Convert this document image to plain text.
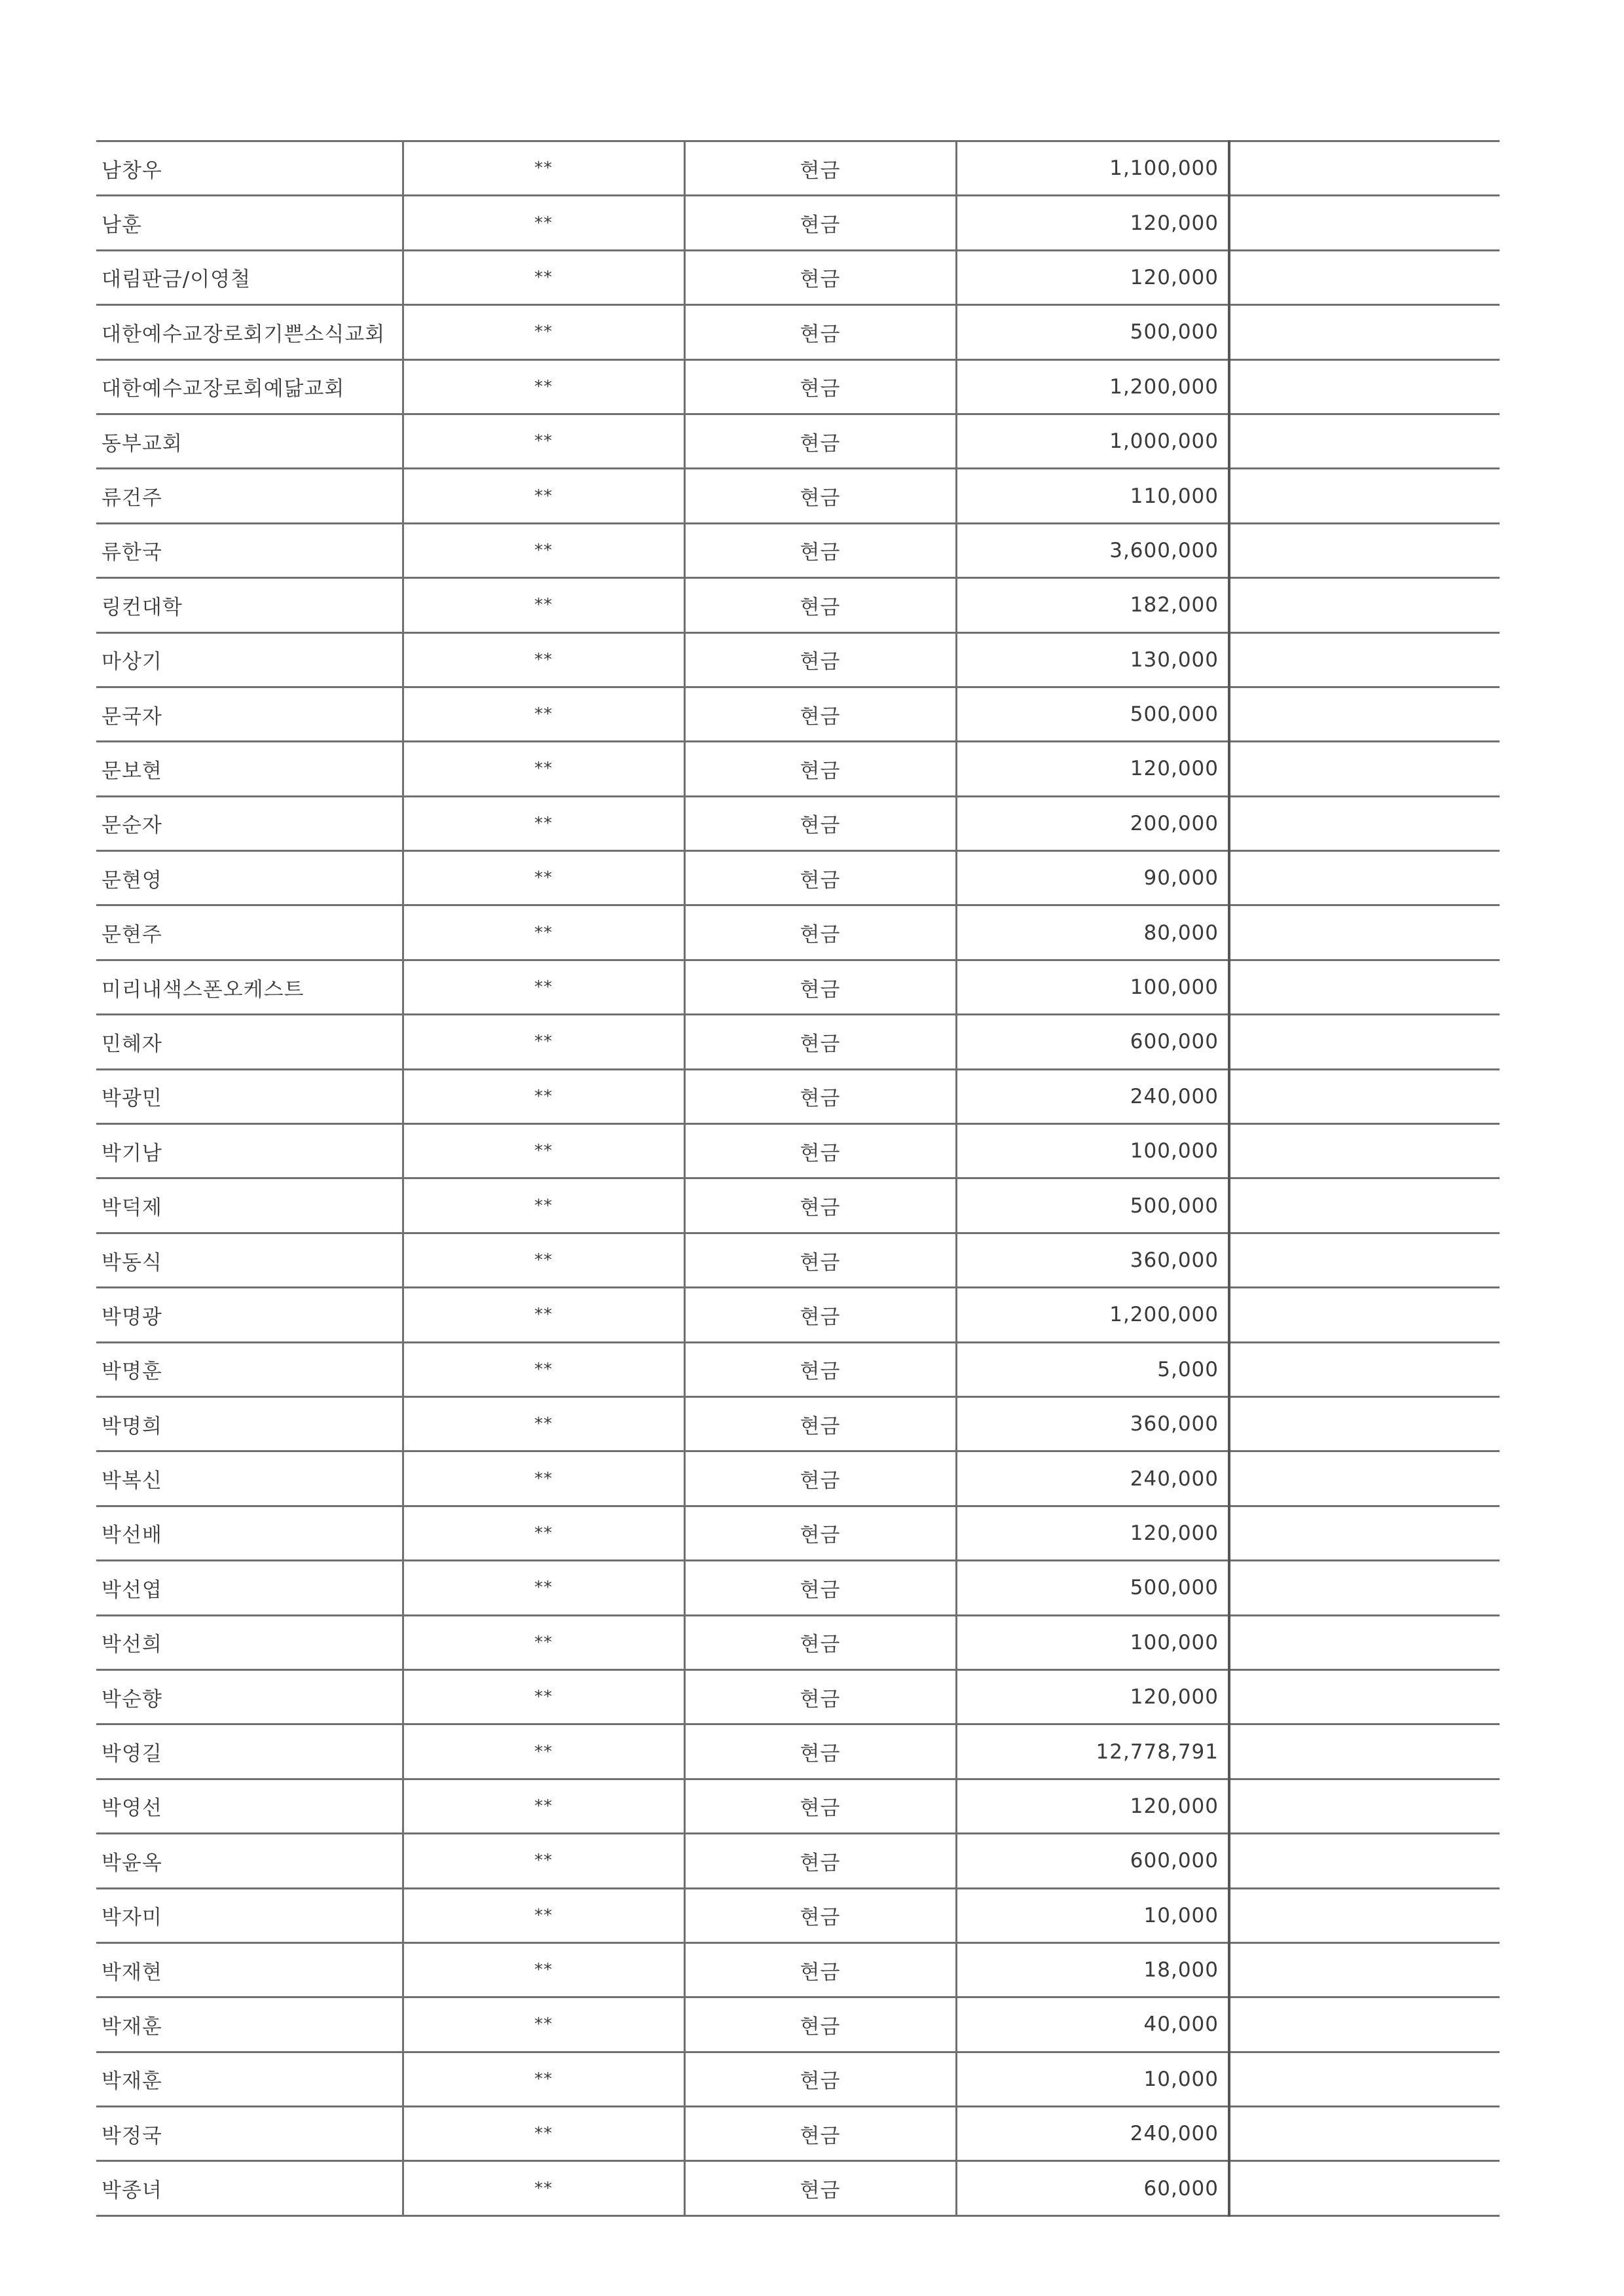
남창우	**	현금	1,100,000	
남훈	**	현금	120,000	
대림판금/이영철	**	현금	120,000	
대한예수교장로회기쁜소식교회	**	현금	500,000	
대한예수교장로회예닮교회	**	현금	1,200,000	
동부교회	**	현금	1,000,000	
류건주	**	현금	110,000	
류한국	**	현금	3,600,000	
링컨대학	**	현금	182,000	
마상기	**	현금	130,000	
문국자	**	현금	500,000	
문보현	**	현금	120,000	
문순자	**	현금	200,000	
문현영	**	현금	90,000	
문현주	**	현금	80,000	
미리내색스폰오케스트	**	현금	100,000	
민혜자	**	현금	600,000	
박광민	**	현금	240,000	
박기남	**	현금	100,000	
박덕제	**	현금	500,000	
박동식	**	현금	360,000	
박명광	**	현금	1,200,000	
박명훈	**	현금	5,000	
박명희	**	현금	360,000	
박복신	**	현금	240,000	
박선배	**	현금	120,000	
박선엽	**	현금	500,000	
박선희	**	현금	100,000	
박순향	**	현금	120,000	
박영길	**	현금	12,778,791	
박영선	**	현금	120,000	
박윤옥	**	현금	600,000	
박자미	**	현금	10,000	
박재현	**	현금	18,000	
박재훈	**	현금	40,000	
박재훈	**	현금	10,000	
박정국	**	현금	240,000	
박종녀	**	현금	60,000	
